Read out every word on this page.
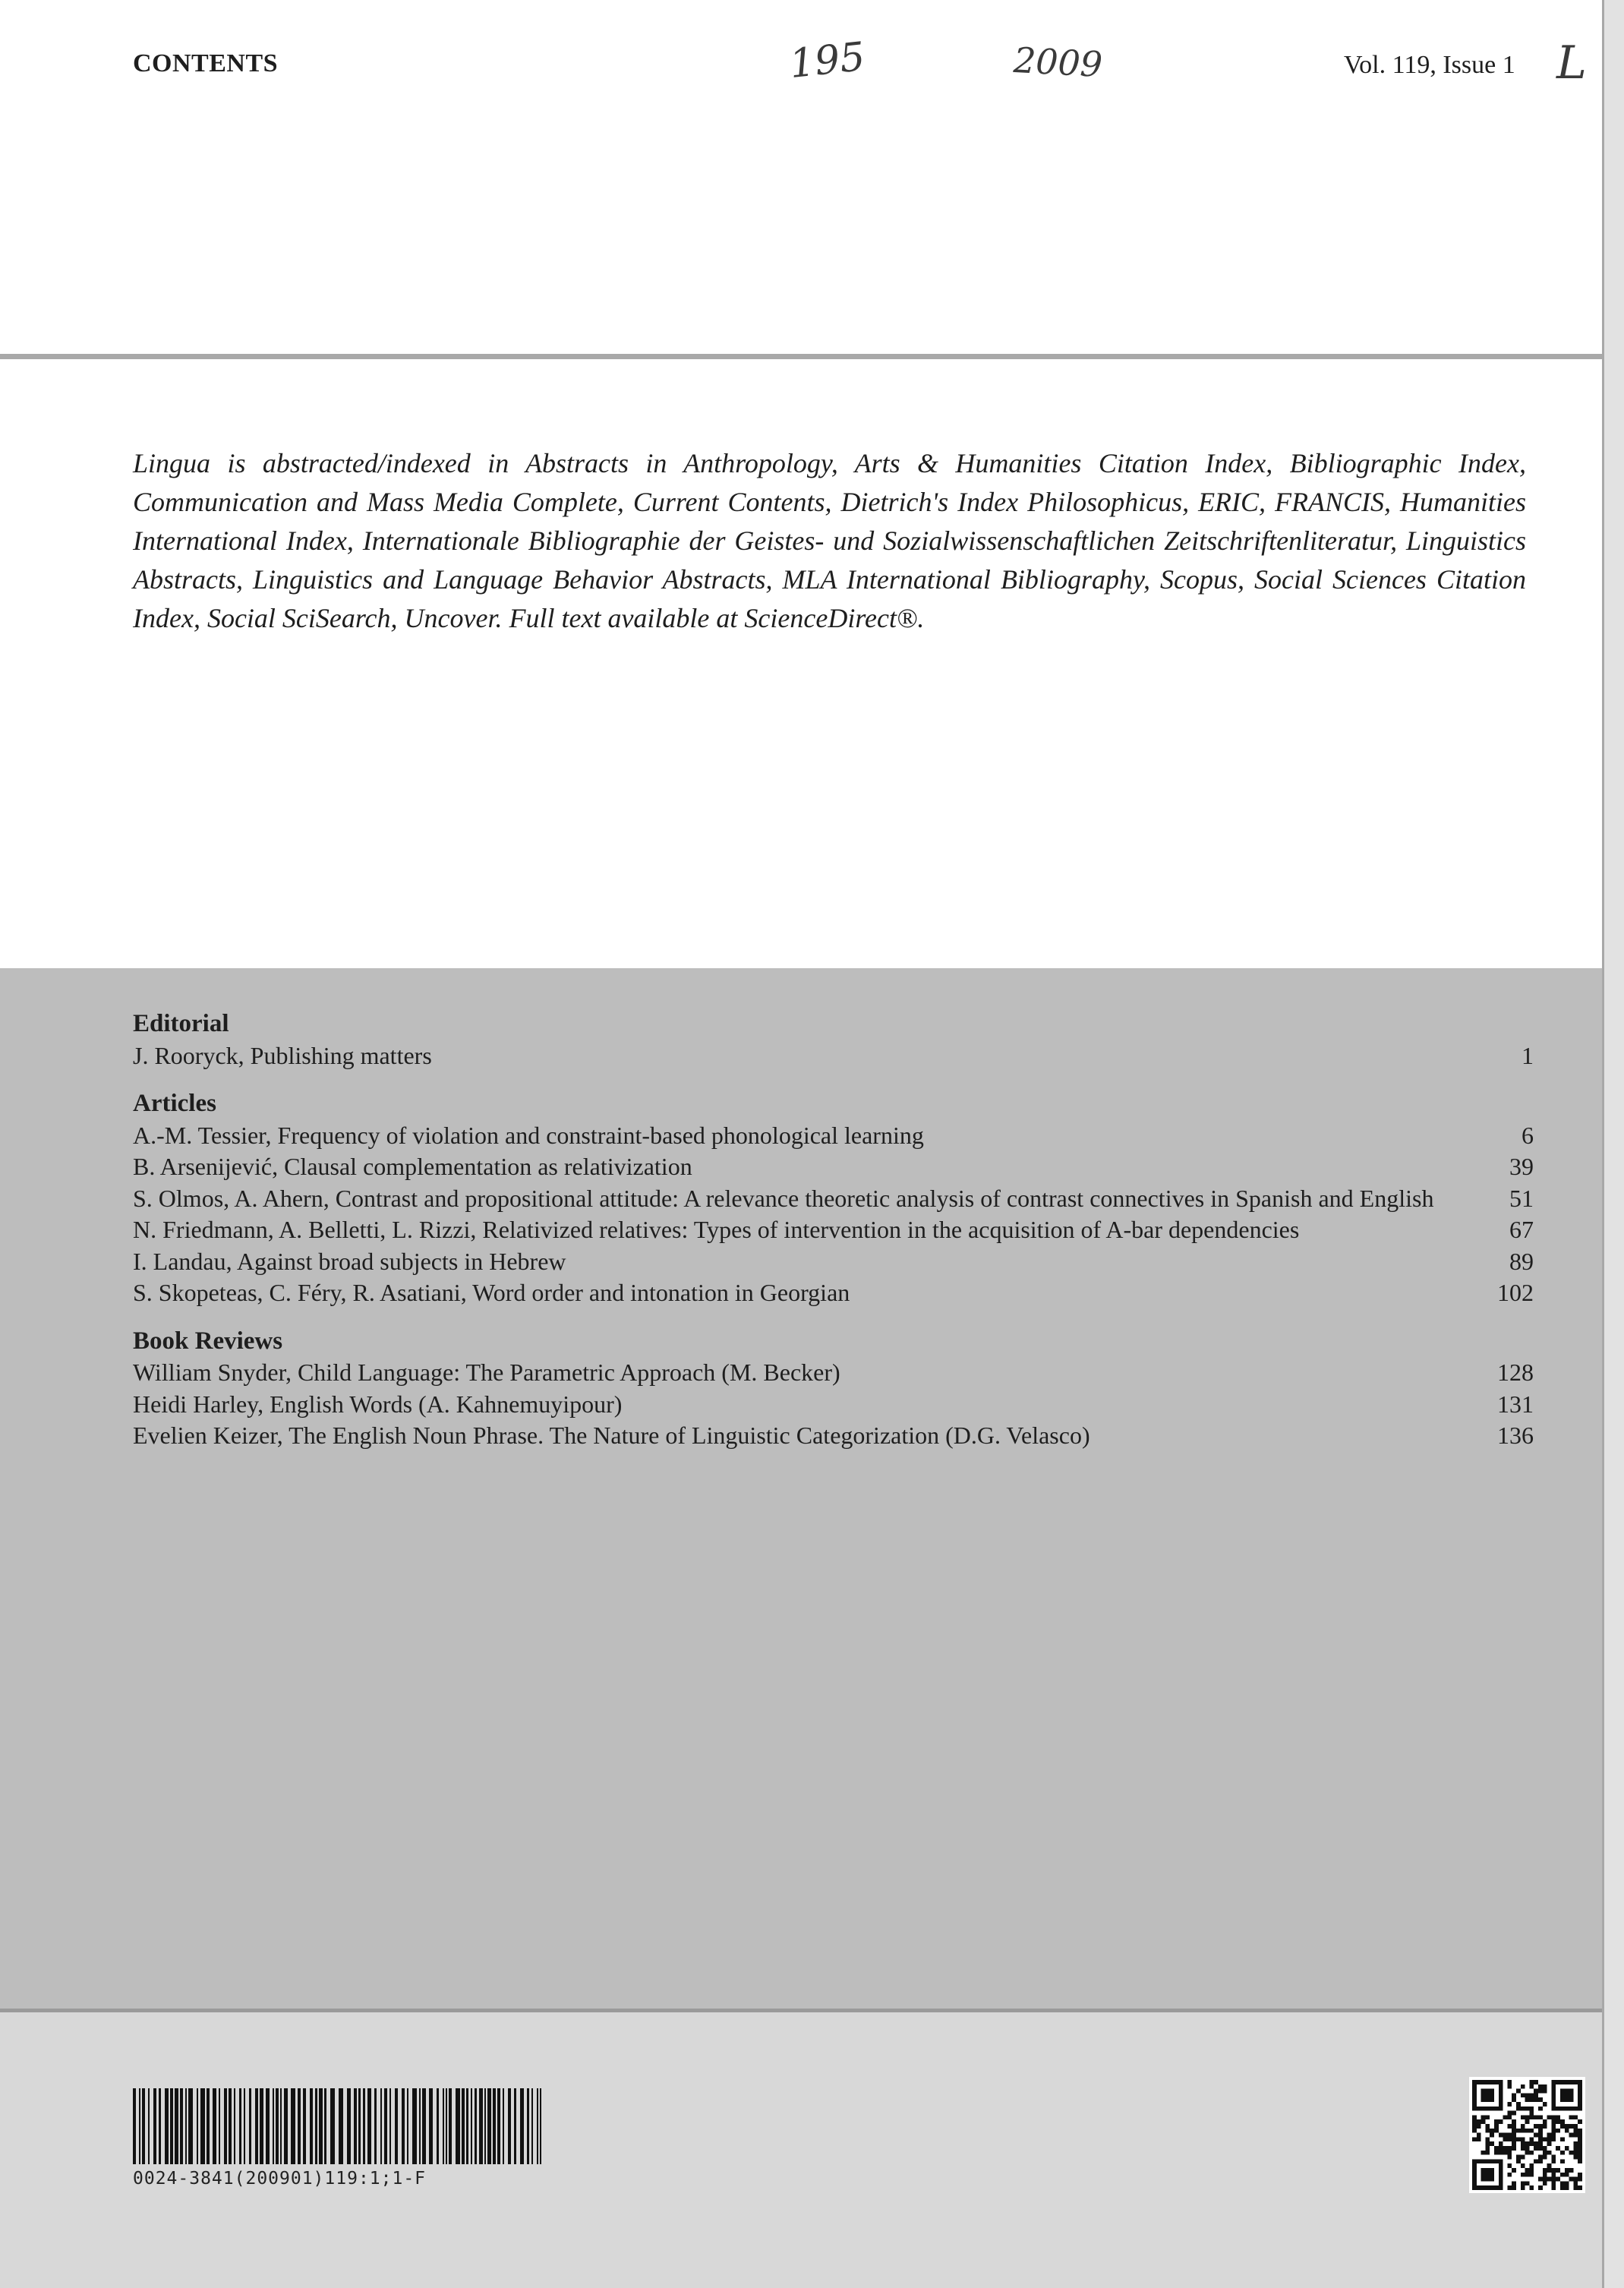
CONTENTS	Vol. 119, Issue 1
195	2009	L
Lingua is abstracted/indexed in Abstracts in Anthropology, Arts & Humanities Citation Index, Bibliographic Index, Communication and Mass Media Complete, Current Contents, Dietrich's Index Philosophicus, ERIC, FRANCIS, Humanities International Index, Internationale Bibliographie der Geistes- und Sozialwissenschaftlichen Zeitschriftenliteratur, Linguistics Abstracts, Linguistics and Language Behavior Abstracts, MLA International Bibliography, Scopus, Social Sciences Citation Index, Social SciSearch, Uncover. Full text available at ScienceDirect®.
Editorial
J. Rooryck, Publishing matters	1
Articles
A.-M. Tessier, Frequency of violation and constraint-based phonological learning	6
B. Arsenijević, Clausal complementation as relativization	39
S. Olmos, A. Ahern, Contrast and propositional attitude: A relevance theoretic analysis of contrast connectives in Spanish and English	51
N. Friedmann, A. Belletti, L. Rizzi, Relativized relatives: Types of intervention in the acquisition of A-bar dependencies	67
I. Landau, Against broad subjects in Hebrew	89
S. Skopeteas, C. Féry, R. Asatiani, Word order and intonation in Georgian	102
Book Reviews
William Snyder, Child Language: The Parametric Approach (M. Becker)	128
Heidi Harley, English Words (A. Kahnemuyipour)	131
Evelien Keizer, The English Noun Phrase. The Nature of Linguistic Categorization (D.G. Velasco)	136
0024-3841(200901)119:1;1-F
